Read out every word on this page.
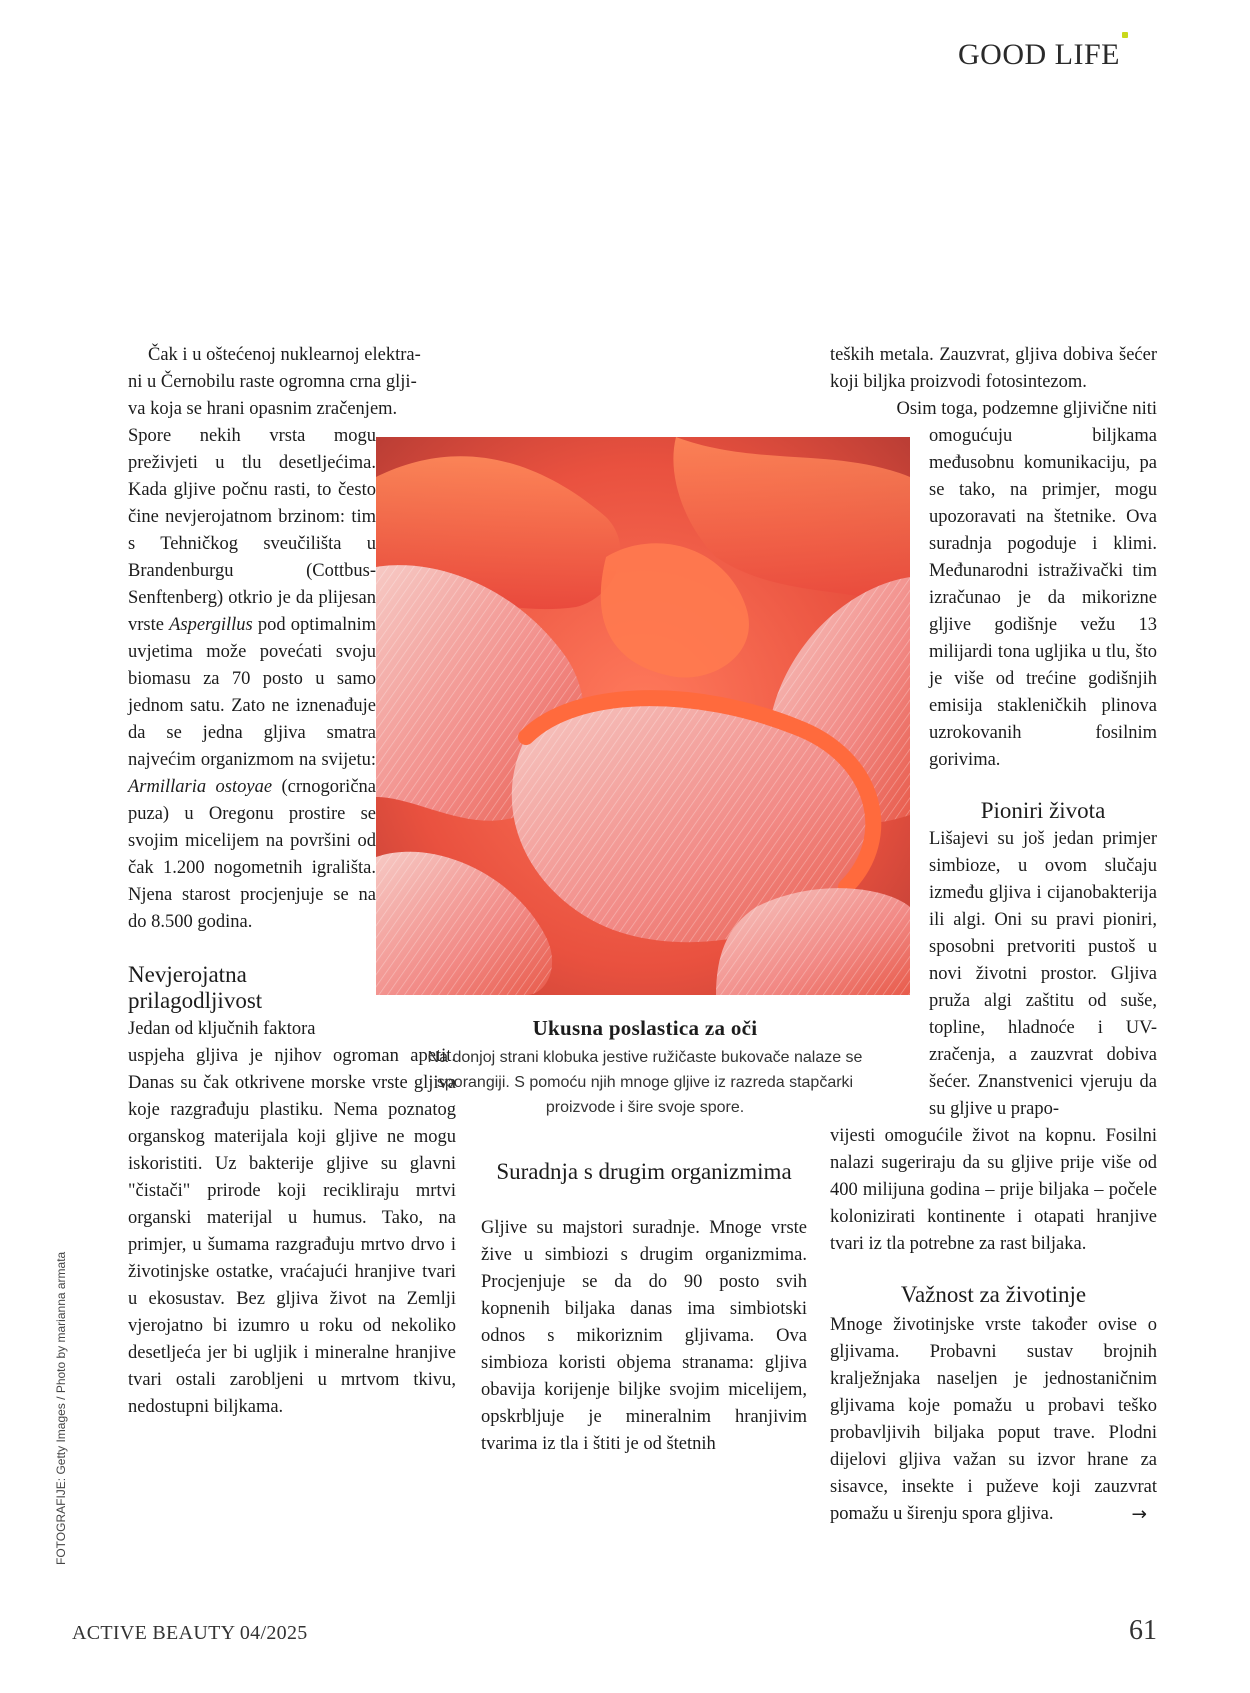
GOOD LIFE

Čak i u oštećenoj nuklearnoj elektra-

ni u Černobilu raste ogromna crna glji-

va koja se hrani opasnim zračenjem.

Spore nekih vrsta mogu preživjeti u tlu desetljećima. Kada gljive počnu rasti, to često čine nevjerojatnom brzinom: tim s Tehničkog sveučilišta u Brandenburgu (Cottbus-Senftenberg) otkrio je da plijesan vrste Aspergillus pod optimalnim uvjetima može povećati svoju biomasu za 70 posto u samo jednom satu. Zato ne iznenađuje da se jedna gljiva smatra najvećim organizmom na svijetu: Armillaria ostoyae (crnogorična puza) u Oregonu prostire se svojim micelijem na površini od čak 1.200 nogometnih igrališta. Njena starost procjenjuje se na do 8.500 godina.

Nevjerojatna prilagodljivost

Jedan od ključnih faktora

uspjeha gljiva je njihov ogroman apetit. Danas su čak otkrivene morske vrste gljiva koje razgrađuju plastiku. Nema poznatog organskog materijala koji gljive ne mogu iskoristiti. Uz bakterije gljive su glavni "čistači" prirode koji recikliraju mrtvi organski materijal u humus. Tako, na primjer, u šumama razgrađuju mrtvo drvo i životinjske ostatke, vraćajući hranjive tvari u ekosustav. Bez gljiva život na Zemlji vjerojatno bi izumro u roku od nekoliko desetljeća jer bi ugljik i mineralne hranjive tvari ostali zarobljeni u mrtvom tkivu, nedostupni biljkama.

Ukusna poslastica za oči
Na donjoj strani klobuka jestive ružičaste bukovače nalaze se sporangiji. S pomoću njih mnoge gljive iz razreda stapčarki proizvode i šire svoje spore.
Suradnja s drugim organizmima

Gljive su majstori suradnje. Mnoge vrste žive u simbiozi s drugim organizmima. Procjenjuje se da do 90 posto svih kopnenih biljaka danas ima simbiotski odnos s mikoriznim gljivama. Ova simbioza koristi objema stranama: gljiva obavija korijenje biljke svojim micelijem, opskrbljuje je mineralnim hranjivim tvarima iz tla i štiti je od štetnih

teških metala. Zauzvrat, gljiva dobiva šećer koji biljka proizvodi fotosintezom.

Osim toga, podzemne gljivične niti

omogućuju biljkama međusobnu komunikaciju, pa se tako, na primjer, mogu upozoravati na štetnike. Ova suradnja pogoduje i klimi. Međunarodni istraživački tim izračunao je da mikorizne gljive godišnje vežu 13 milijardi tona ugljika u tlu, što je više od trećine godišnjih emisija stakleničkih plinova uzrokovanih fosilnim gorivima.

Pioniri života

Lišajevi su još jedan primjer simbioze, u ovom slučaju između gljiva i cijanobakterija ili algi. Oni su pravi pioniri, sposobni pretvoriti pustoš u novi životni prostor. Gljiva pruža algi zaštitu od suše, topline, hladnoće i UV-zračenja, a zauzvrat dobiva šećer. Znanstvenici vjeruju da su gljive u prapo-

vijesti omogućile život na kopnu. Fosilni nalazi sugeriraju da su gljive prije više od 400 milijuna godina – prije biljaka – počele kolonizirati kontinente i otapati hranjive tvari iz tla potrebne za rast biljaka.

Važnost za životinje

Mnoge životinjske vrste također ovise o gljivama. Probavni sustav brojnih kralježnjaka naseljen je jednostaničnim gljivama koje pomažu u probavi teško probavljivih biljaka poput trave. Plodni dijelovi gljiva važan su izvor hrane za sisavce, insekte i puževe koji zauzvrat pomažu u širenju spora gljiva.	→

FOTOGRAFIJE: Getty Images / Photo by marianna armata
ACTIVE BEAUTY 04/2025	61
